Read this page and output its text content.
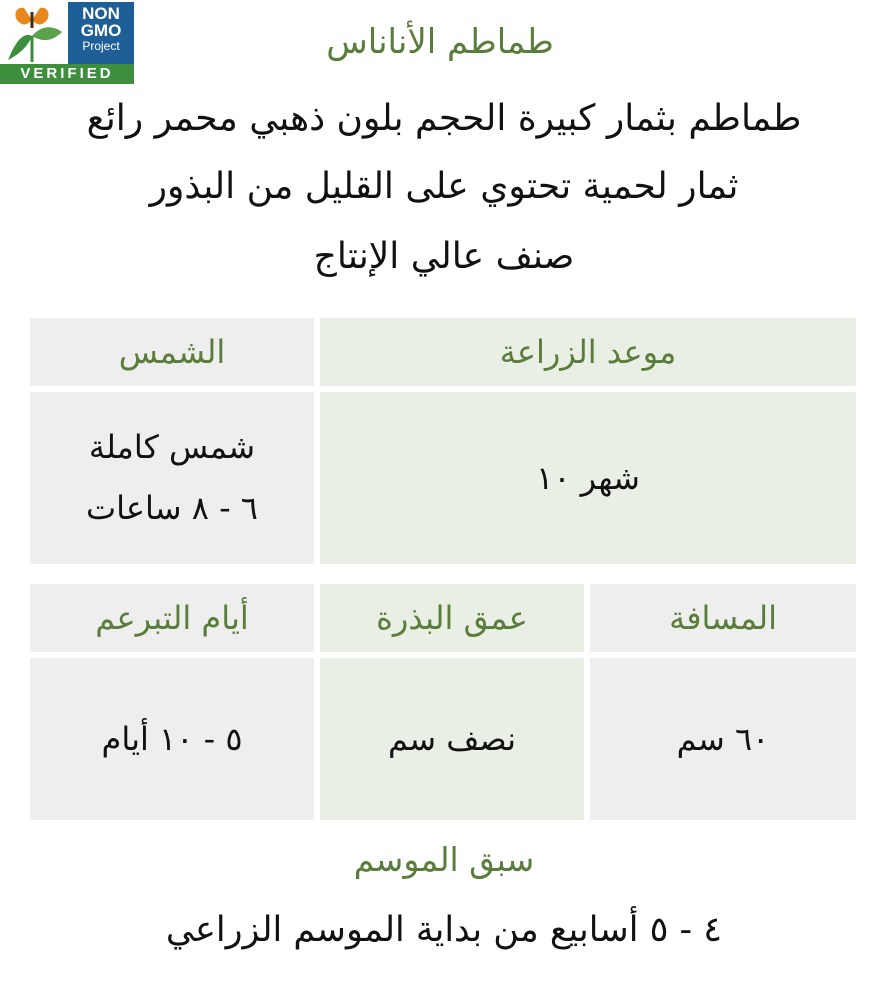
NON
GMO
Project
VERIFIED
طماطم الأناناس
طماطم بثمار كبيرة الحجم بلون ذهبي محمر رائع
ثمار لحمية تحتوي على القليل من البذور
صنف عالي الإنتاج
موعد الزراعة
الشمس
شهر ١٠
شمس كاملة
٦ - ٨ ساعات
المسافة
عمق البذرة
أيام التبرعم
٦٠ سم
نصف سم
٥ - ١٠ أيام
سبق الموسم
٤ - ٥ أسابيع من بداية الموسم الزراعي
